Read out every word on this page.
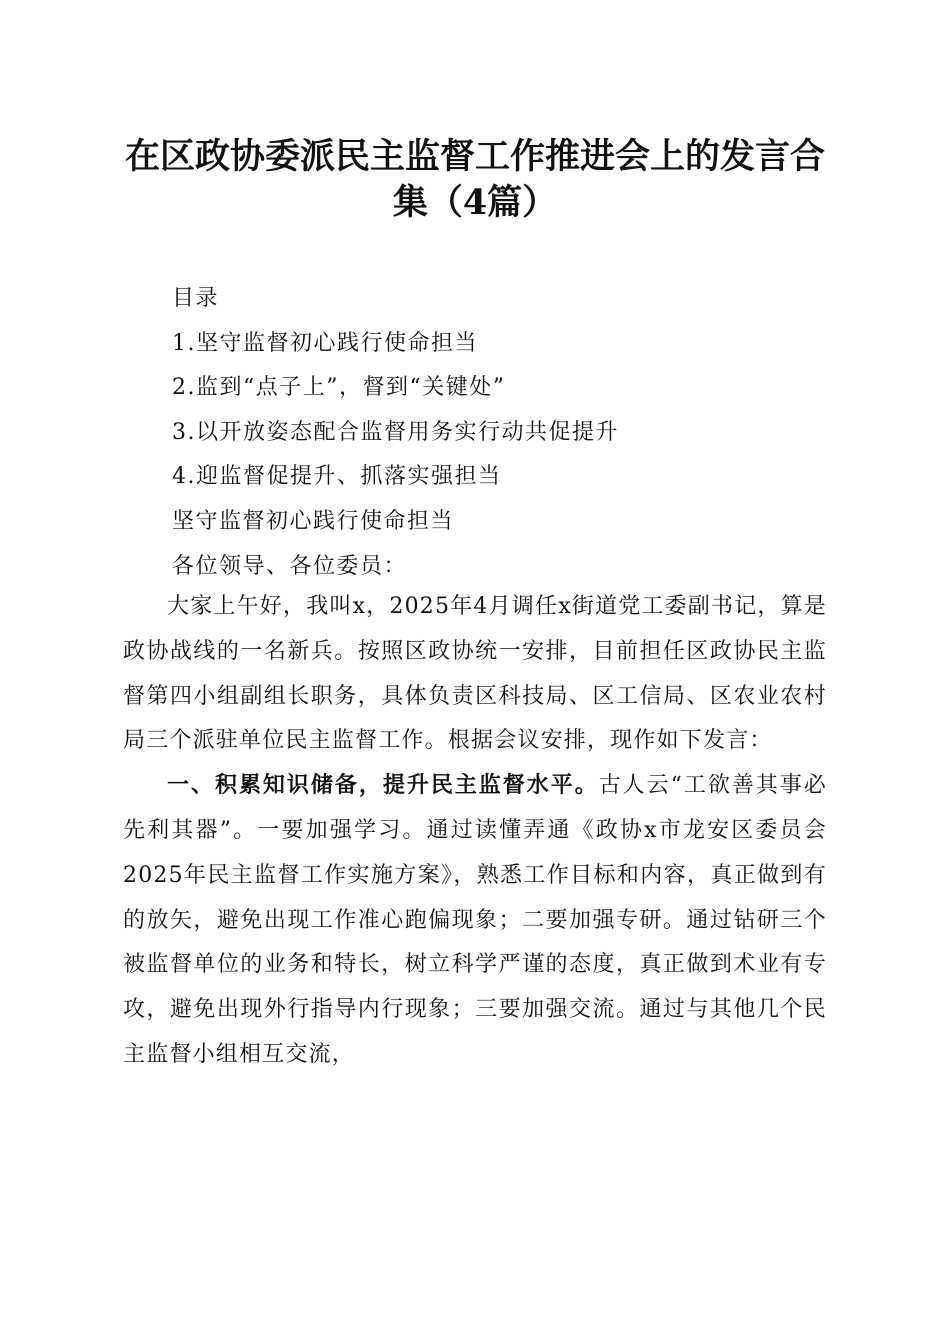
在区政协委派民主监督工作推进会上的发言合
集（4篇）
目录
1.坚守监督初心践行使命担当
2.监到“点子上”，督到“关键处”
3.以开放姿态配合监督用务实行动共促提升
4.迎监督促提升、抓落实强担当
坚守监督初心践行使命担当
各位领导、各位委员：

大家上午好，我叫x，2025年4月调任x街道党工委副书记，算是政协战线的一名新兵。按照区政协统一安排，目前担任区政协民主监督第四小组副组长职务，具体负责区科技局、区工信局、区农业农村局三个派驻单位民主监督工作。根据会议安排，现作如下发言：

一、积累知识储备，提升民主监督水平。古人云“工欲善其事必先利其器”。一要加强学习。通过读懂弄通《政协x市龙安区委员会2025年民主监督工作实施方案》，熟悉工作目标和内容，真正做到有的放矢，避免出现工作准心跑偏现象；二要加强专研。通过钻研三个被监督单位的业务和特长，树立科学严谨的态度，真正做到术业有专攻，避免出现外行指导内行现象；三要加强交流。通过与其他几个民主监督小组相互交流，
